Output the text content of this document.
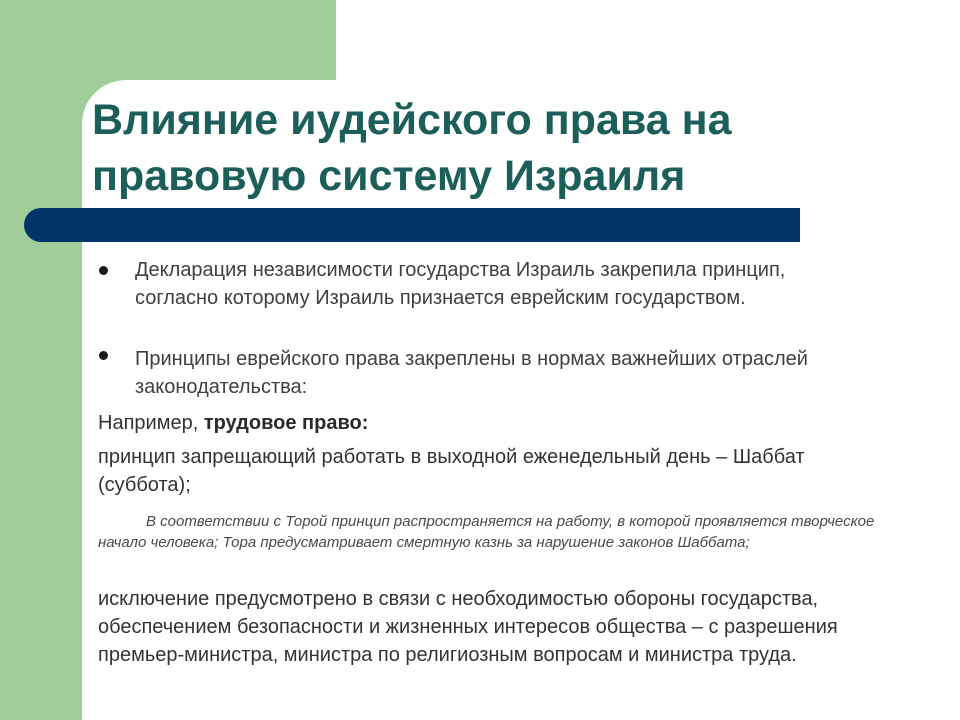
Влияние иудейского права на правовую систему Израиля
Декларация независимости государства Израиль закрепила принцип, согласно которому Израиль признается еврейским государством.
Принципы еврейского права закреплены в нормах важнейших отраслей законодательства:
Например, трудовое право:
принцип запрещающий работать в выходной еженедельный день – Шаббат (суббота);
В соответствии с Торой принцип распространяется на работу, в которой проявляется творческое начало человека; Тора предусматривает смертную казнь за нарушение законов Шаббата;
исключение предусмотрено в связи с необходимостью обороны государства, обеспечением безопасности и жизненных интересов общества – с разрешения премьер-министра, министра по религиозным вопросам и министра труда.
